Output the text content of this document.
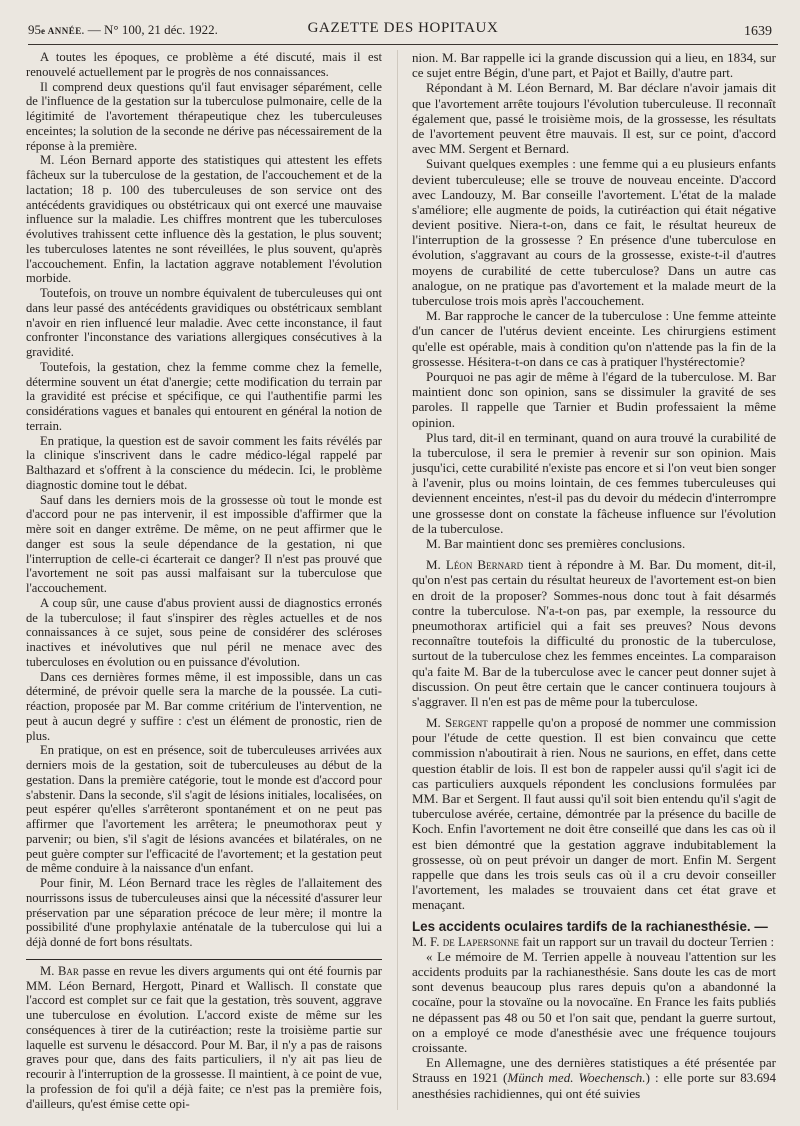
95e ANNÉE. — N° 100, 21 déc. 1922.	GAZETTE DES HOPITAUX	1639

A toutes les époques, ce problème a été discuté, mais il est renouvelé actuellement par le progrès de nos connaissances.

Il comprend deux questions qu'il faut envisager séparément, celle de l'influence de la gestation sur la tuberculose pulmonaire, celle de la légitimité de l'avortement thérapeutique chez les tuberculeuses enceintes; la solution de la seconde ne dérive pas nécessairement de la réponse à la première.

M. Léon Bernard apporte des statistiques qui attestent les effets fâcheux sur la tuberculose de la gestation, de l'accouchement et de la lactation; 18 p. 100 des tuberculeuses de son service ont des antécédents gravidiques ou obstétricaux qui ont exercé une mauvaise influence sur la maladie. Les chiffres montrent que les tuberculoses évolutives trahissent cette influence dès la gestation, le plus souvent; les tuberculoses latentes ne sont réveillées, le plus souvent, qu'après l'accouchement. Enfin, la lactation aggrave notablement l'évolution morbide.

Toutefois, on trouve un nombre équivalent de tuberculeuses qui ont dans leur passé des antécédents gravidiques ou obstétricaux semblant n'avoir en rien influencé leur maladie. Avec cette inconstance, il faut confronter l'inconstance des variations allergiques consécutives à la gravidité.

Toutefois, la gestation, chez la femme comme chez la femelle, détermine souvent un état d'anergie; cette modification du terrain par la gravidité est précise et spécifique, ce qui l'authentifie parmi les considérations vagues et banales qui entourent en général la notion de terrain.

En pratique, la question est de savoir comment les faits révélés par la clinique s'inscrivent dans le cadre médico-légal rappelé par Balthazard et s'offrent à la conscience du médecin. Ici, le problème diagnostic domine tout le débat.

Sauf dans les derniers mois de la grossesse où tout le monde est d'accord pour ne pas intervenir, il est impossible d'affirmer que la mère soit en danger extrême. De même, on ne peut affirmer que le danger est sous la seule dépendance de la gestation, ni que l'interruption de celle-ci écarterait ce danger? Il n'est pas prouvé que l'avortement ne soit pas aussi malfaisant sur la tuberculose que l'accouchement.

A coup sûr, une cause d'abus provient aussi de diagnostics erronés de la tuberculose; il faut s'inspirer des règles actuelles et de nos connaissances à ce sujet, sous peine de considérer des scléroses inactives et inévolutives que nul péril ne menace avec des tuberculoses en évolution ou en puissance d'évolution.

Dans ces dernières formes même, il est impossible, dans un cas déterminé, de prévoir quelle sera la marche de la poussée. La cuti-réaction, proposée par M. Bar comme critérium de l'intervention, ne peut à aucun degré y suffire : c'est un élément de pronostic, rien de plus.

En pratique, on est en présence, soit de tuberculeuses arrivées aux derniers mois de la gestation, soit de tuberculeuses au début de la gestation. Dans la première catégorie, tout le monde est d'accord pour s'abstenir. Dans la seconde, s'il s'agit de lésions initiales, localisées, on peut espérer qu'elles s'arrêteront spontanément et on ne peut pas affirmer que l'avortement les arrêtera; le pneumothorax peut y parvenir; ou bien, s'il s'agit de lésions avancées et bilatérales, on ne peut guère compter sur l'efficacité de l'avortement; et la gestation peut de même conduire à la naissance d'un enfant.

Pour finir, M. Léon Bernard trace les règles de l'allaitement des nourrissons issus de tuberculeuses ainsi que la nécessité d'assurer leur préservation par une séparation précoce de leur mère; il montre la possibilité d'une prophylaxie anténatale de la tuberculose qui lui a déjà donné de fort bons résultats.

M. Bar passe en revue les divers arguments qui ont été fournis par MM. Léon Bernard, Hergott, Pinard et Wallisch. Il constate que l'accord est complet sur ce fait que la gestation, très souvent, aggrave une tuberculose en évolution. L'accord existe de même sur les conséquences à tirer de la cutiréaction; reste la troisième partie sur laquelle est survenu le désaccord. Pour M. Bar, il n'y a pas de raisons graves pour que, dans des faits particuliers, il n'y ait pas lieu de recourir à l'interruption de la grossesse. Il maintient, à ce point de vue, la profession de foi qu'il a déjà faite; ce n'est pas la première fois, d'ailleurs, qu'est émise cette opi-

nion. M. Bar rappelle ici la grande discussion qui a lieu, en 1834, sur ce sujet entre Bégin, d'une part, et Pajot et Bailly, d'autre part.

Répondant à M. Léon Bernard, M. Bar déclare n'avoir jamais dit que l'avortement arrête toujours l'évolution tuberculeuse. Il reconnaît également que, passé le troisième mois, de la grossesse, les résultats de l'avortement peuvent être mauvais. Il est, sur ce point, d'accord avec MM. Sergent et Bernard.

Suivant quelques exemples : une femme qui a eu plusieurs enfants devient tuberculeuse; elle se trouve de nouveau enceinte. D'accord avec Landouzy, M. Bar conseille l'avortement. L'état de la malade s'améliore; elle augmente de poids, la cutiréaction qui était négative devient positive. Niera-t-on, dans ce fait, le résultat heureux de l'interruption de la grossesse ? En présence d'une tuberculose en évolution, s'aggravant au cours de la grossesse, existe-t-il d'autres moyens de curabilité de cette tuberculose? Dans un autre cas analogue, on ne pratique pas d'avortement et la malade meurt de la tuberculose trois mois après l'accouchement.

M. Bar rapproche le cancer de la tuberculose : Une femme atteinte d'un cancer de l'utérus devient enceinte. Les chirurgiens estiment qu'elle est opérable, mais à condition qu'on n'attende pas la fin de la grossesse. Hésitera-t-on dans ce cas à pratiquer l'hystérectomie?

Pourquoi ne pas agir de même à l'égard de la tuberculose. M. Bar maintient donc son opinion, sans se dissimuler la gravité de ses paroles. Il rappelle que Tarnier et Budin professaient la même opinion.

Plus tard, dit-il en terminant, quand on aura trouvé la curabilité de la tuberculose, il sera le premier à revenir sur son opinion. Mais jusqu'ici, cette curabilité n'existe pas encore et si l'on veut bien songer à l'avenir, plus ou moins lointain, de ces femmes tuberculeuses qui deviennent enceintes, n'est-il pas du devoir du médecin d'interrompre une grossesse dont on constate la fâcheuse influence sur l'évolution de la tuberculose.

M. Bar maintient donc ses premières conclusions.

M. Léon Bernard tient à répondre à M. Bar. Du moment, dit-il, qu'on n'est pas certain du résultat heureux de l'avortement est-on bien en droit de la proposer? Sommes-nous donc tout à fait désarmés contre la tuberculose. N'a-t-on pas, par exemple, la ressource du pneumothorax artificiel qui a fait ses preuves? Nous devons reconnaître toutefois la difficulté du pronostic de la tuberculose, surtout de la tuberculose chez les femmes enceintes. La comparaison qu'a faite M. Bar de la tuberculose avec le cancer peut donner sujet à discussion. On peut être certain que le cancer continuera toujours à s'aggraver. Il n'en est pas de même pour la tuberculose.

M. Sergent rappelle qu'on a proposé de nommer une commission pour l'étude de cette question. Il est bien convaincu que cette commission n'aboutirait à rien. Nous ne saurions, en effet, dans cette question établir de lois. Il est bon de rappeler aussi qu'il s'agit ici de cas particuliers auxquels répondent les conclusions formulées par MM. Bar et Sergent. Il faut aussi qu'il soit bien entendu qu'il s'agit de tuberculose avérée, certaine, démontrée par la présence du bacille de Koch. Enfin l'avortement ne doit être conseillé que dans les cas où il est bien démontré que la gestation aggrave indubitablement la grossesse, où on peut prévoir un danger de mort. Enfin M. Sergent rappelle que dans les trois seuls cas où il a cru devoir conseiller l'avortement, les malades se trouvaient dans cet état grave et menaçant.

Les accidents oculaires tardifs de la rachianesthésie. —

M. F. de Lapersonne fait un rapport sur un travail du docteur Terrien :

« Le mémoire de M. Terrien appelle à nouveau l'attention sur les accidents produits par la rachianesthésie. Sans doute les cas de mort sont devenus beaucoup plus rares depuis qu'on a abandonné la cocaïne, pour la stovaïne ou la novocaïne. En France les faits publiés ne dépassent pas 48 ou 50 et l'on sait que, pendant la guerre surtout, on a employé ce mode d'anesthésie avec une fréquence toujours croissante.

En Allemagne, une des dernières statistiques a été présentée par Strauss en 1921 (Münch med. Woechensch.) : elle porte sur 83.694 anesthésies rachidiennes, qui ont été suivies
